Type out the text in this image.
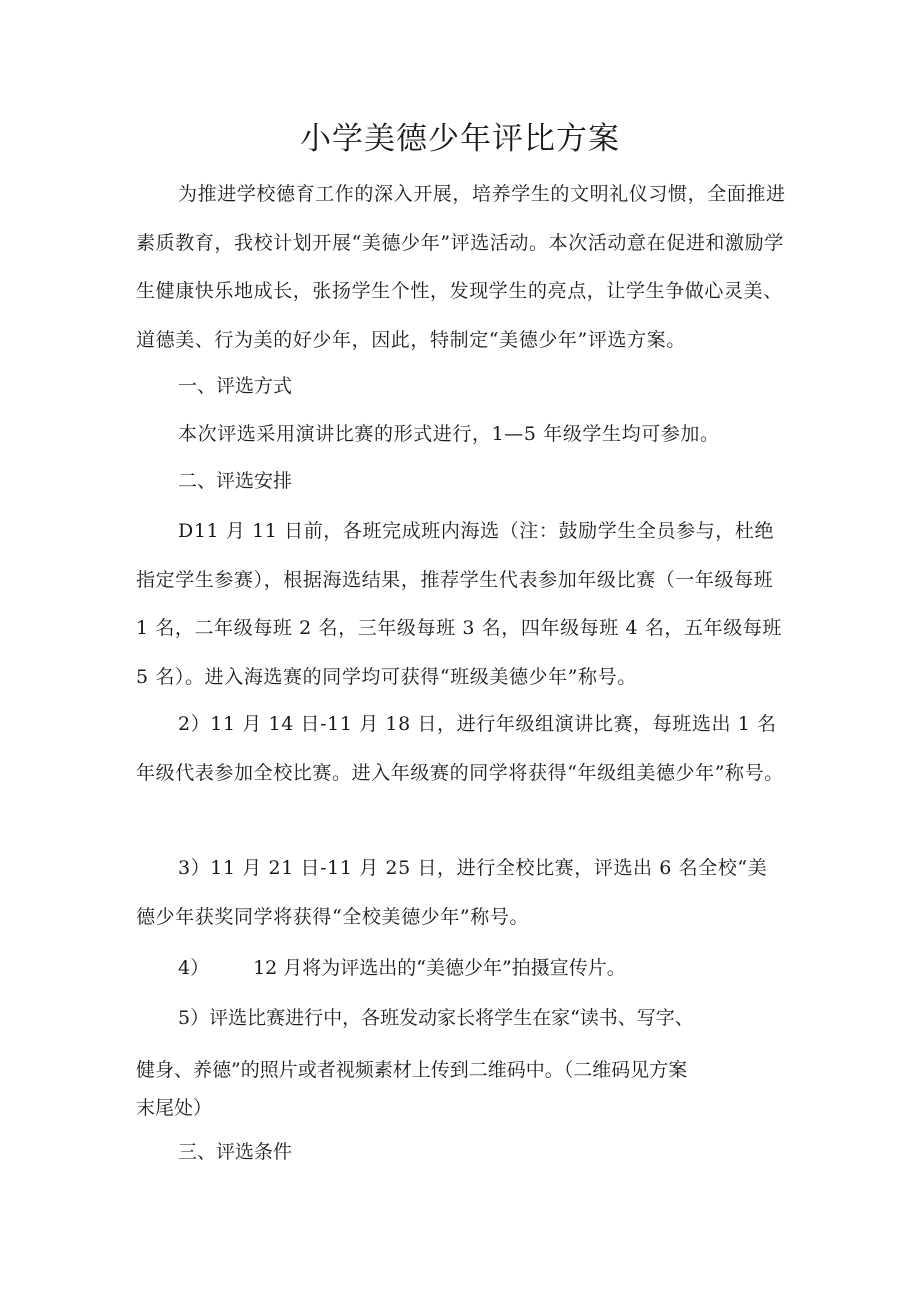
小学美德少年评比方案

为推进学校德育工作的深入开展，培养学生的文明礼仪习惯，全面推进素质教育，我校计划开展“美德少年”评选活动。本次活动意在促进和激励学生健康快乐地成长，张扬学生个性，发现学生的亮点，让学生争做心灵美、道德美、行为美的好少年，因此，特制定“美德少年”评选方案。

一、评选方式

本次评选采用演讲比赛的形式进行，1—5 年级学生均可参加。

二、评选安排

D11 月 11 日前，各班完成班内海选（注：鼓励学生全员参与，杜绝指定学生参赛），根据海选结果，推荐学生代表参加年级比赛（一年级每班 1 名，二年级每班 2 名，三年级每班 3 名，四年级每班 4 名，五年级每班 5 名）。进入海选赛的同学均可获得“班级美德少年”称号。

2）11 月 14 日-11 月 18 日，进行年级组演讲比赛，每班选出 1 名年级代表参加全校比赛。进入年级赛的同学将获得“年级组美德少年”称号。

3）11 月 21 日-11 月 25 日，进行全校比赛，评选出 6 名全校“美德少年获奖同学将获得“全校美德少年”称号。

4） 12 月将为评选出的“美德少年”拍摄宣传片。

5）评选比赛进行中，各班发动家长将学生在家“读书、写字、

健身、养德”的照片或者视频素材上传到二维码中。（二维码见方案

末尾处）

三、评选条件
